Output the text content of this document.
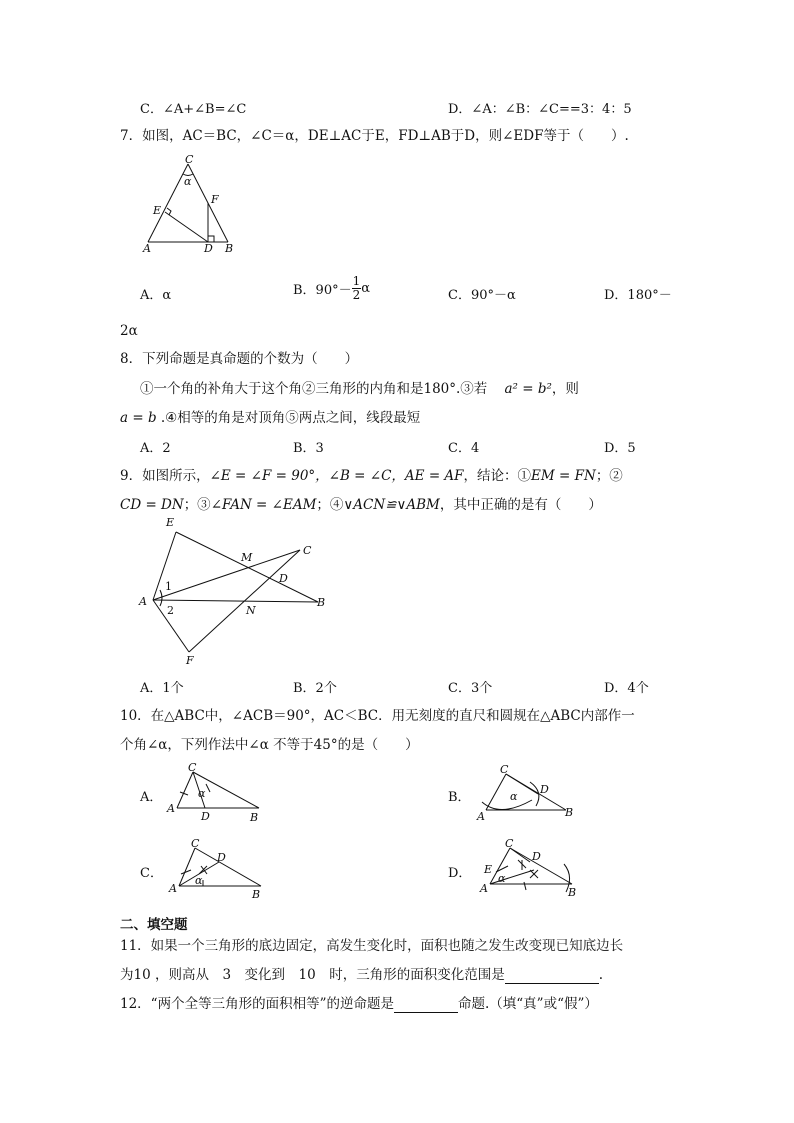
C．∠A+∠B=∠C	D．∠A：∠B：∠C==3：4：5
7．如图，AC＝BC，∠C＝α，DE⊥AC于E，FD⊥AB于D，则∠EDF等于（　　）.
C
α
E
F
A	D B
A．α	B．$90^\circ- \frac{1}{2}$ α	C．90°－α	D．180°－
2α
8．下列命题是真命题的个数为（　　）
①一个角的补角大于这个角②三角形的内角和是180°.③若 a² = b²，则
a = b .④相等的角是对顶角⑤两点之间，线段最短
A．2	B．3	C．4	D．5
9．如图所示，∠E = ∠F = 90°，∠B = ∠C，AE = AF，结论：①EM = FN；②
CD = DN；③∠FAN = ∠EAM；④∨ACN≌∨ABM，其中正确的是有（　　）
E
M
C
1
D
A
2	N
B
F
A．1个	B．2个	C．3个	D．4个
10．在△ABC中，∠ACB＝90°，AC＜BC．用无刻度的直尺和圆规在△ABC内部作一
个角∠α，下列作法中∠α 不等于45°的是（　　）
A．
C
α
A
D	B
B．
C
α
D
A	B
C．
C
D
α
A	B
D．
C
D
E
α
A	B
二、填空题
11．如果一个三角形的底边固定，高发生变化时，面积也随之发生改变现已知底边长
为10 ，则高从　3　变化到　10　时，三角形的面积变化范围是	.
12．“两个全等三角形的面积相等”的逆命题是	命题.（填“真”或“假”）
